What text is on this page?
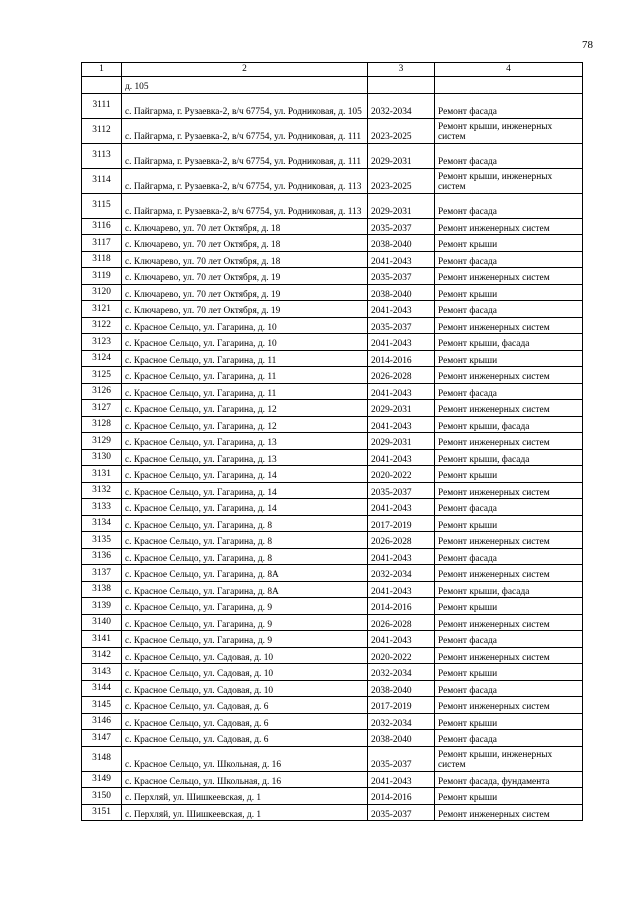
78
1	2	3	4
	д. 105		
3111	с. Пайгарма, г. Рузаевка-2, в/ч 67754, ул. Родниковая, д. 105	2032-2034	Ремонт фасада
3112	с. Пайгарма, г. Рузаевка-2, в/ч 67754, ул. Родниковая, д. 111	2023-2025	Ремонт крыши, инженерных систем
3113	с. Пайгарма, г. Рузаевка-2, в/ч 67754, ул. Родниковая, д. 111	2029-2031	Ремонт фасада
3114	с. Пайгарма, г. Рузаевка-2, в/ч 67754, ул. Родниковая, д. 113	2023-2025	Ремонт крыши, инженерных систем
3115	с. Пайгарма, г. Рузаевка-2, в/ч 67754, ул. Родниковая, д. 113	2029-2031	Ремонт фасада
3116	с. Ключарево, ул. 70 лет Октября, д. 18	2035-2037	Ремонт инженерных систем
3117	с. Ключарево, ул. 70 лет Октября, д. 18	2038-2040	Ремонт крыши
3118	с. Ключарево, ул. 70 лет Октября, д. 18	2041-2043	Ремонт фасада
3119	с. Ключарево, ул. 70 лет Октября, д. 19	2035-2037	Ремонт инженерных систем
3120	с. Ключарево, ул. 70 лет Октября, д. 19	2038-2040	Ремонт крыши
3121	с. Ключарево, ул. 70 лет Октября, д. 19	2041-2043	Ремонт фасада
3122	с. Красное Сельцо, ул. Гагарина, д. 10	2035-2037	Ремонт инженерных систем
3123	с. Красное Сельцо, ул. Гагарина, д. 10	2041-2043	Ремонт крыши, фасада
3124	с. Красное Сельцо, ул. Гагарина, д. 11	2014-2016	Ремонт крыши
3125	с. Красное Сельцо, ул. Гагарина, д. 11	2026-2028	Ремонт инженерных систем
3126	с. Красное Сельцо, ул. Гагарина, д. 11	2041-2043	Ремонт фасада
3127	с. Красное Сельцо, ул. Гагарина, д. 12	2029-2031	Ремонт инженерных систем
3128	с. Красное Сельцо, ул. Гагарина, д. 12	2041-2043	Ремонт крыши, фасада
3129	с. Красное Сельцо, ул. Гагарина, д. 13	2029-2031	Ремонт инженерных систем
3130	с. Красное Сельцо, ул. Гагарина, д. 13	2041-2043	Ремонт крыши, фасада
3131	с. Красное Сельцо, ул. Гагарина, д. 14	2020-2022	Ремонт крыши
3132	с. Красное Сельцо, ул. Гагарина, д. 14	2035-2037	Ремонт инженерных систем
3133	с. Красное Сельцо, ул. Гагарина, д. 14	2041-2043	Ремонт фасада
3134	с. Красное Сельцо, ул. Гагарина, д. 8	2017-2019	Ремонт крыши
3135	с. Красное Сельцо, ул. Гагарина, д. 8	2026-2028	Ремонт инженерных систем
3136	с. Красное Сельцо, ул. Гагарина, д. 8	2041-2043	Ремонт фасада
3137	с. Красное Сельцо, ул. Гагарина, д. 8А	2032-2034	Ремонт инженерных систем
3138	с. Красное Сельцо, ул. Гагарина, д. 8А	2041-2043	Ремонт крыши, фасада
3139	с. Красное Сельцо, ул. Гагарина, д. 9	2014-2016	Ремонт крыши
3140	с. Красное Сельцо, ул. Гагарина, д. 9	2026-2028	Ремонт инженерных систем
3141	с. Красное Сельцо, ул. Гагарина, д. 9	2041-2043	Ремонт фасада
3142	с. Красное Сельцо, ул. Садовая, д. 10	2020-2022	Ремонт инженерных систем
3143	с. Красное Сельцо, ул. Садовая, д. 10	2032-2034	Ремонт крыши
3144	с. Красное Сельцо, ул. Садовая, д. 10	2038-2040	Ремонт фасада
3145	с. Красное Сельцо, ул. Садовая, д. 6	2017-2019	Ремонт инженерных систем
3146	с. Красное Сельцо, ул. Садовая, д. 6	2032-2034	Ремонт крыши
3147	с. Красное Сельцо, ул. Садовая, д. 6	2038-2040	Ремонт фасада
3148	с. Красное Сельцо, ул. Школьная, д. 16	2035-2037	Ремонт крыши, инженерных систем
3149	с. Красное Сельцо, ул. Школьная, д. 16	2041-2043	Ремонт фасада, фундамента
3150	с. Перхляй, ул. Шишкеевская, д. 1	2014-2016	Ремонт крыши
3151	с. Перхляй, ул. Шишкеевская, д. 1	2035-2037	Ремонт инженерных систем
